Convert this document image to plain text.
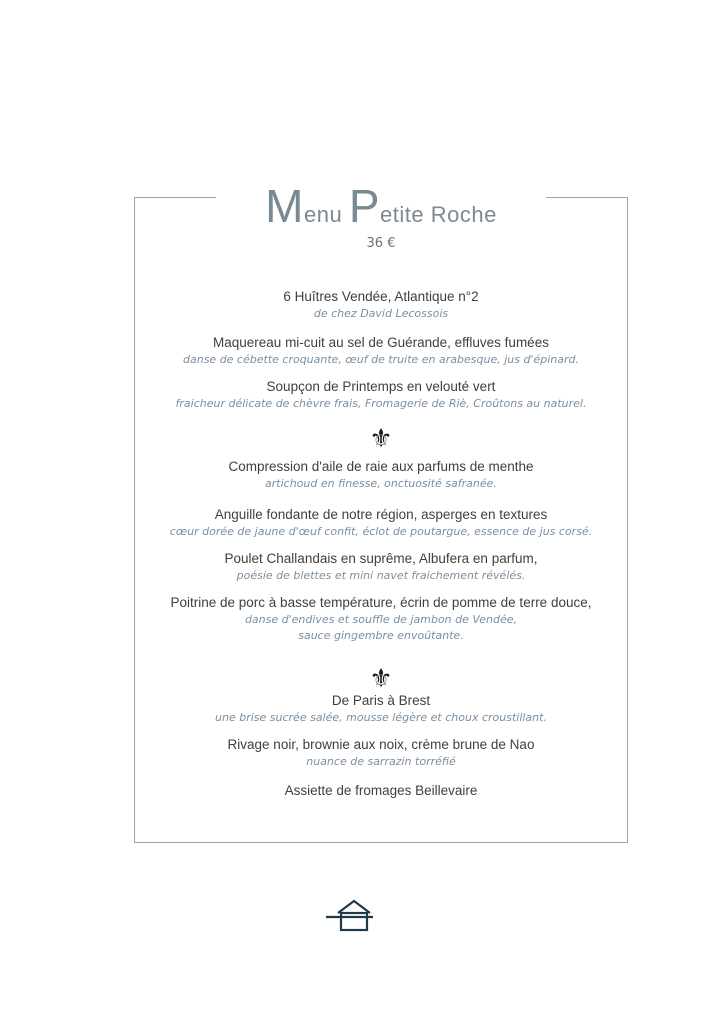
Menu Petite Roche
36 €
6 Huîtres Vendée, Atlantique n°2
de chez David Lecossois
Maquereau mi-cuit au sel de Guérande, effluves fumées
danse de cébette croquante, œuf de truite en arabesque, jus d'épinard.
Soupçon de Printemps en velouté vert
fraicheur délicate de chèvre frais, Fromagerie de Riè, Croûtons au naturel.
⚜
Compression d'aile de raie aux parfums de menthe
artichoud en finesse, onctuosité safranée.
Anguille fondante de notre région, asperges en textures
cœur dorée de jaune d'œuf confit, éclot de poutargue, essence de jus corsé.
Poulet Challandais en suprême, Albufera en parfum,
poésie de blettes et mini navet fraichement révélés.
Poitrine de porc à basse température, écrin de pomme de terre douce,
danse d'endives et souffle de jambon de Vendée,
sauce gingembre envoûtante.
⚜
De Paris à Brest
une brise sucrée salée, mousse légère et choux croustillant.
Rivage noir, brownie aux noix, crème brune de Nao
nuance de sarrazin torréfié
Assiette de fromages Beillevaire
